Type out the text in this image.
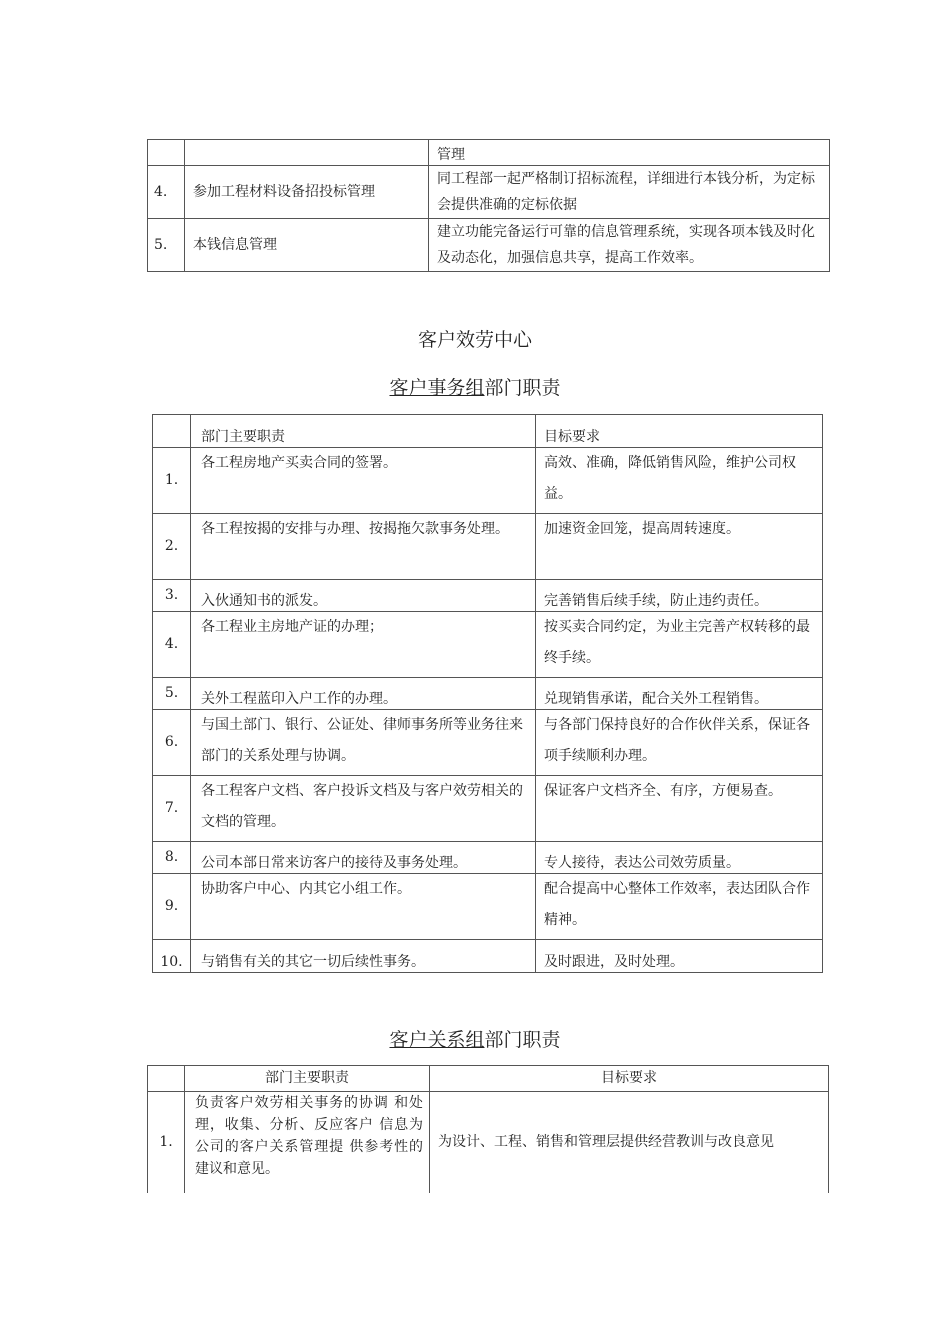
		管理
4.	参加工程材料设备招投标管理	同工程部一起严格制订招标流程，详细进行本钱分析，为定标会提供准确的定标依据
5.	本钱信息管理	建立功能完备运行可靠的信息管理系统，实现各项本钱及时化及动态化，加强信息共享，提高工作效率。
客户效劳中心
客户事务组部门职责
	部门主要职责	目标要求
1.	各工程房地产买卖合同的签署。	高效、准确，降低销售风险，维护公司权益。
2.	各工程按揭的安排与办理、按揭拖欠款事务处理。	加速资金回笼，提高周转速度。
3.	入伙通知书的派发。	完善销售后续手续，防止违约责任。
4.	各工程业主房地产证的办理；	按买卖合同约定，为业主完善产权转移的最终手续。
5.	关外工程蓝印入户工作的办理。	兑现销售承诺，配合关外工程销售。
6.	与国土部门、银行、公证处、律师事务所等业务往来部门的关系处理与协调。	与各部门保持良好的合作伙伴关系，保证各项手续顺利办理。
7.	各工程客户文档、客户投诉文档及与客户效劳相关的文档的管理。	保证客户文档齐全、有序，方便易查。
8.	公司本部日常来访客户的接待及事务处理。	专人接待，表达公司效劳质量。
9.	协助客户中心、内其它小组工作。	配合提高中心整体工作效率，表达团队合作精神。
10.	与销售有关的其它一切后续性事务。	及时跟进，及时处理。
客户关系组部门职责
	部门主要职责	目标要求
1.	负责客户效劳相关事务的协调 和处理，收集、分析、反应客户 信息为公司的客户关系管理提 供参考性的建议和意见。	为设计、工程、销售和管理层提供经营教训与改良意见
